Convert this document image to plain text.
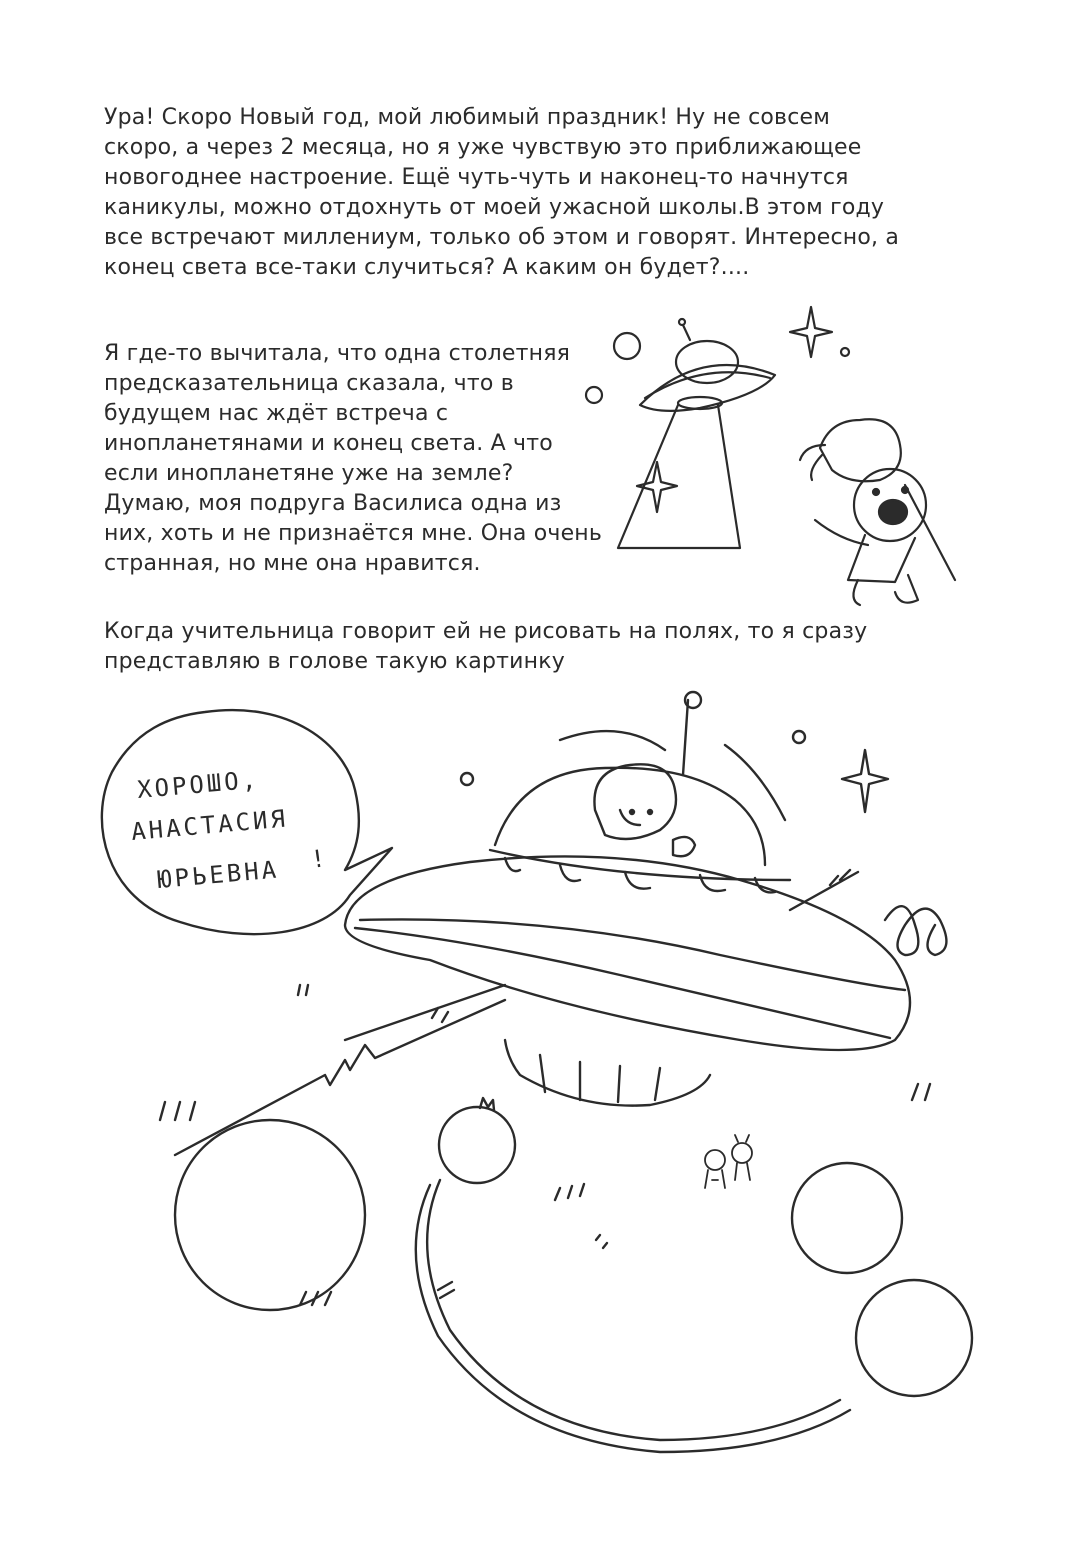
Ура! Скоро Новый год, мой любимый праздник! Ну не совсем
скоро, а через 2 месяца, но я уже чувствую это приближающее
новогоднее настроение. Ещё чуть-чуть и наконец-то начнутся
каникулы, можно отдохнуть от моей ужасной школы.В этом году
все встречают миллениум, только об этом и говорят. Интересно, а
конец света все-таки случиться? А каким он будет?....
Я где-то вычитала, что одна столетняя
предсказательница сказала, что в
будущем нас ждёт встреча с
инопланетянами и конец света. А что
если инопланетяне уже на земле?
Думаю, моя подруга Василиса одна из
них, хоть и не признаётся мне. Она очень
странная, но мне она нравится.
Когда учительница говорит ей не рисовать на полях, то я сразу
представляю в голове такую картинку
ХОРОШО,
АНАСТАСИЯ
ЮРЬЕВНА !
